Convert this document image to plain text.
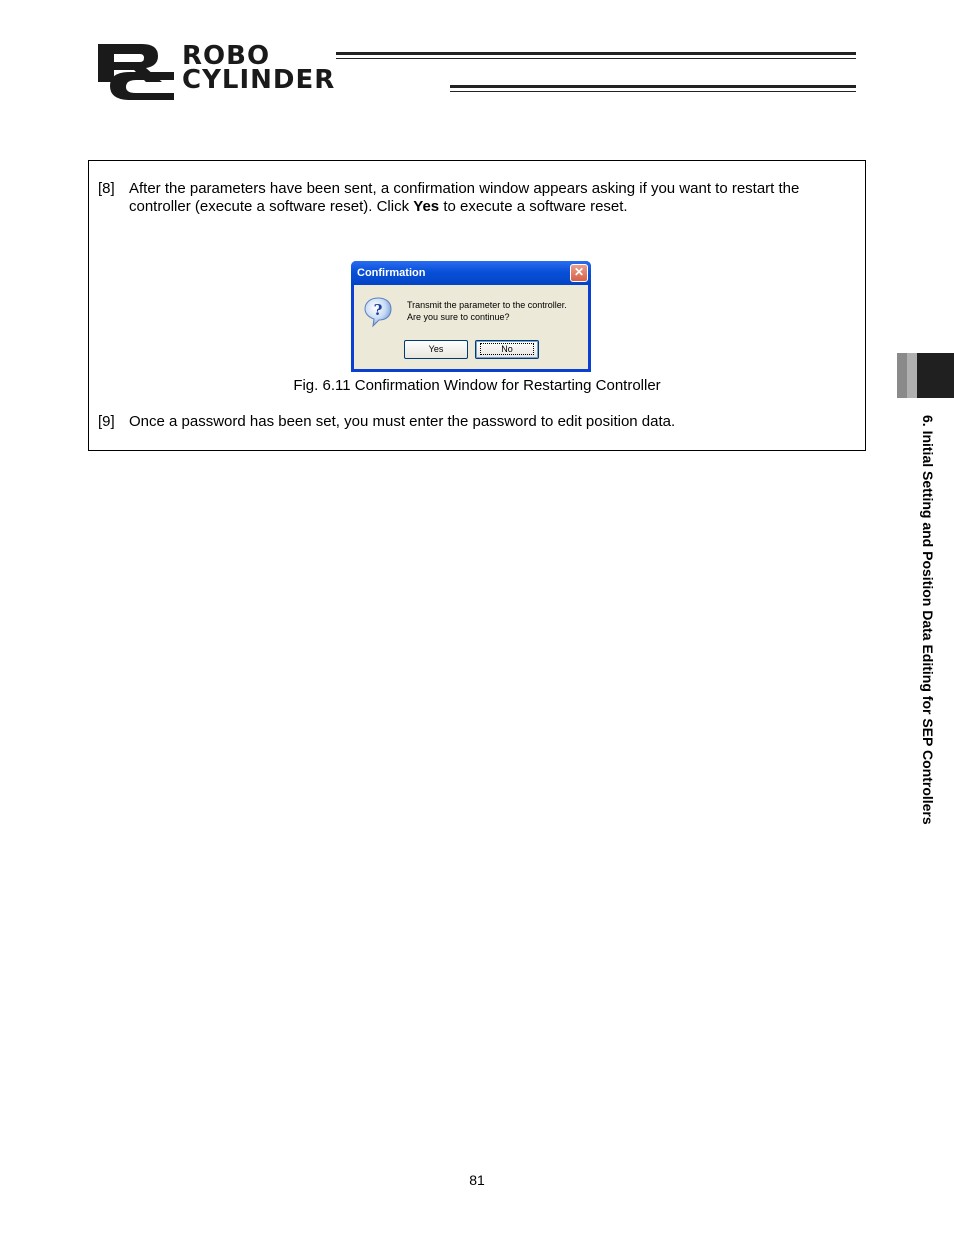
ROBO
CYLINDER
[8] After the parameters have been sent, a confirmation window appears asking if you want to restart the controller (execute a software reset). Click Yes to execute a software reset.
Confirmation	✕
?	Transmit the parameter to the controller.
Are you sure to continue?
Yes	No
Fig. 6.11 Confirmation Window for Restarting Controller
[9] Once a password has been set, you must enter the password to edit position data.	6. Initial Setting and Position Data Editing for SEP Controllers
81
